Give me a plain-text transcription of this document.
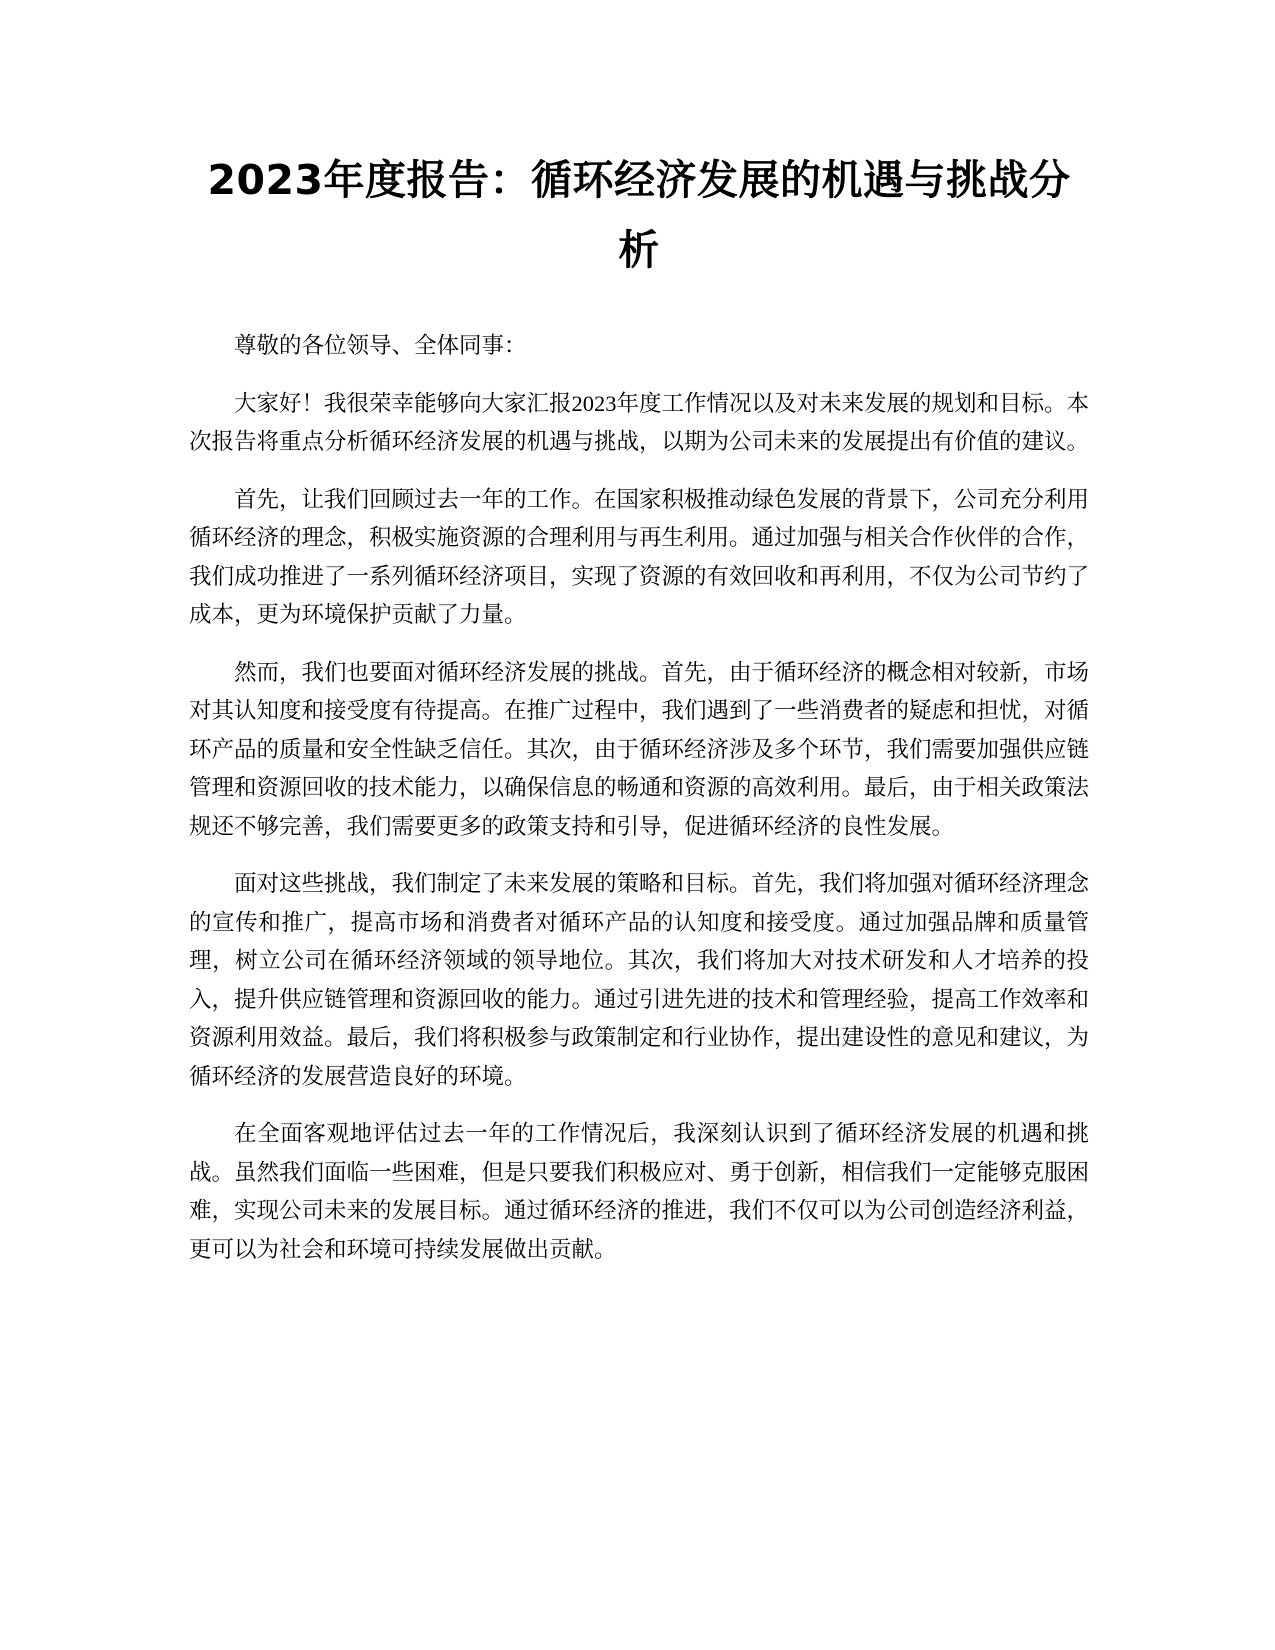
2023年度报告：循环经济发展的机遇与挑战分析

尊敬的各位领导、全体同事：

大家好！我很荣幸能够向大家汇报2023年度工作情况以及对未来发展的规划和目标。本次报告将重点分析循环经济发展的机遇与挑战，以期为公司未来的发展提出有价值的建议。

首先，让我们回顾过去一年的工作。在国家积极推动绿色发展的背景下，公司充分利用循环经济的理念，积极实施资源的合理利用与再生利用。通过加强与相关合作伙伴的合作，我们成功推进了一系列循环经济项目，实现了资源的有效回收和再利用，不仅为公司节约了成本，更为环境保护贡献了力量。

然而，我们也要面对循环经济发展的挑战。首先，由于循环经济的概念相对较新，市场对其认知度和接受度有待提高。在推广过程中，我们遇到了一些消费者的疑虑和担忧，对循环产品的质量和安全性缺乏信任。其次，由于循环经济涉及多个环节，我们需要加强供应链管理和资源回收的技术能力，以确保信息的畅通和资源的高效利用。最后，由于相关政策法规还不够完善，我们需要更多的政策支持和引导，促进循环经济的良性发展。

面对这些挑战，我们制定了未来发展的策略和目标。首先，我们将加强对循环经济理念的宣传和推广，提高市场和消费者对循环产品的认知度和接受度。通过加强品牌和质量管理，树立公司在循环经济领域的领导地位。其次，我们将加大对技术研发和人才培养的投入，提升供应链管理和资源回收的能力。通过引进先进的技术和管理经验，提高工作效率和资源利用效益。最后，我们将积极参与政策制定和行业协作，提出建设性的意见和建议，为循环经济的发展营造良好的环境。

在全面客观地评估过去一年的工作情况后，我深刻认识到了循环经济发展的机遇和挑战。虽然我们面临一些困难，但是只要我们积极应对、勇于创新，相信我们一定能够克服困难，实现公司未来的发展目标。通过循环经济的推进，我们不仅可以为公司创造经济利益，更可以为社会和环境可持续发展做出贡献。
